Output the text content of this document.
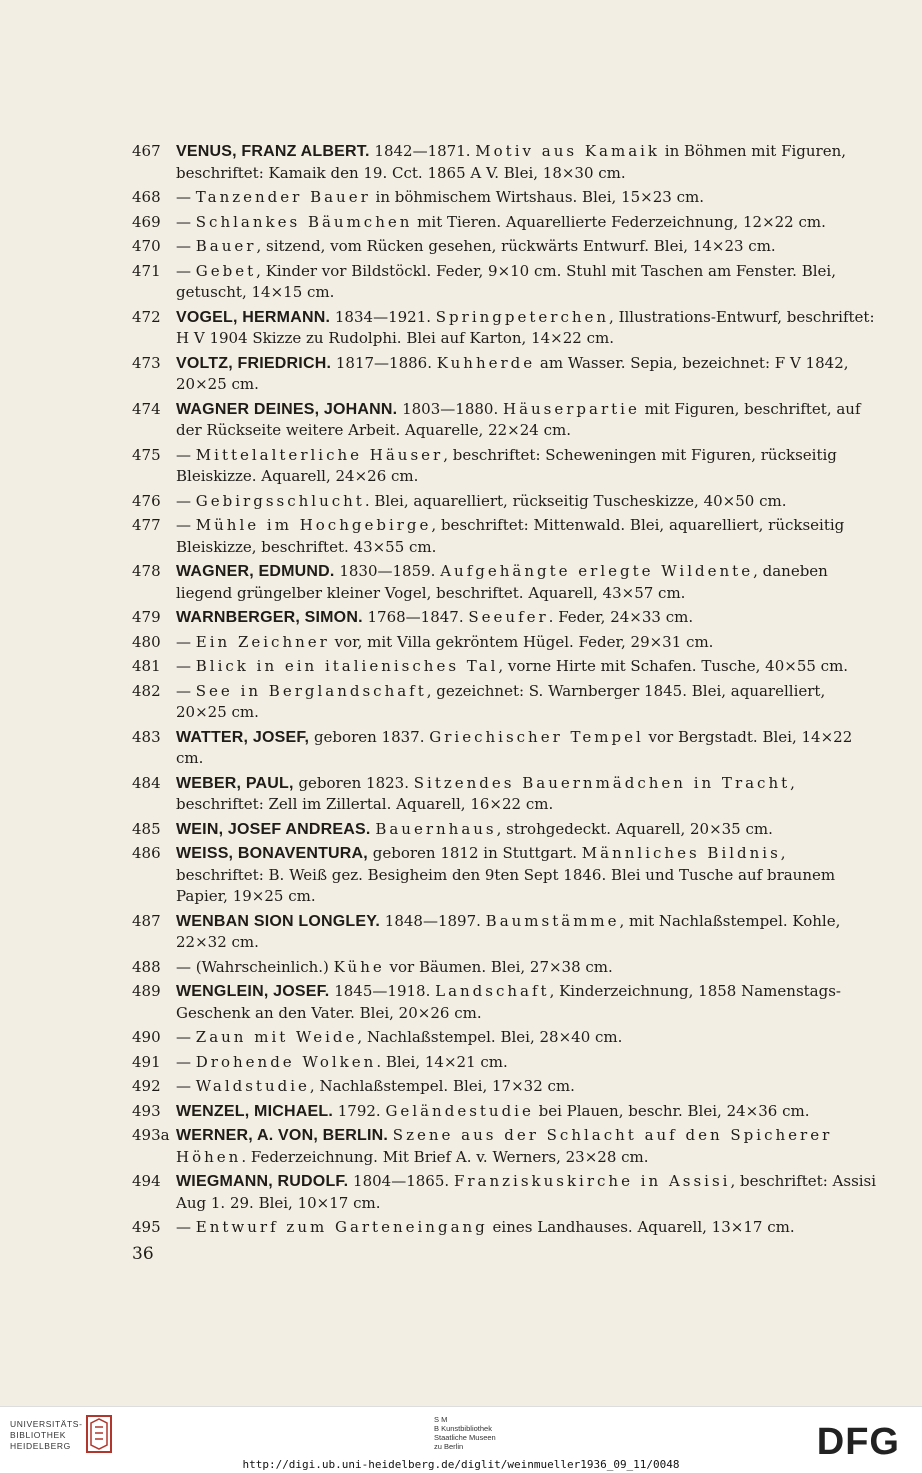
467 VENUS, FRANZ ALBERT. 1842—1871. Motiv aus Kamaik in Böhmen mit Figuren, beschriftet: Kamaik den 19. Cct. 1865 A V. Blei, 18×30 cm.
468 — Tanzender Bauer in böhmischem Wirtshaus. Blei, 15×23 cm.
469 — Schlankes Bäumchen mit Tieren. Aquarellierte Federzeichnung, 12×22 cm.
470 — Bauer, sitzend, vom Rücken gesehen, rückwärts Entwurf. Blei, 14×23 cm.
471 — Gebet, Kinder vor Bildstöckl. Feder, 9×10 cm. Stuhl mit Taschen am Fenster. Blei, getuscht, 14×15 cm.
472 VOGEL, HERMANN. 1834—1921. Springpeterchen, Illustrations-Entwurf, beschriftet: H V 1904 Skizze zu Rudolphi. Blei auf Karton, 14×22 cm.
473 VOLTZ, FRIEDRICH. 1817—1886. Kuhherde am Wasser. Sepia, bezeichnet: F V 1842, 20×25 cm.
474 WAGNER DEINES, JOHANN. 1803—1880. Häuserpartie mit Figuren, beschriftet, auf der Rückseite weitere Arbeit. Aquarelle, 22×24 cm.
475 — Mittelalterliche Häuser, beschriftet: Scheweningen mit Figuren, rückseitig Bleiskizze. Aquarell, 24×26 cm.
476 — Gebirgsschlucht. Blei, aquarelliert, rückseitig Tuscheskizze, 40×50 cm.
477 — Mühle im Hochgebirge, beschriftet: Mittenwald. Blei, aquarelliert, rückseitig Bleiskizze, beschriftet. 43×55 cm.
478 WAGNER, EDMUND. 1830—1859. Aufgehängte erlegte Wildente, daneben liegend grüngelber kleiner Vogel, beschriftet. Aquarell, 43×57 cm.
479 WARNBERGER, SIMON. 1768—1847. Seeufer. Feder, 24×33 cm.
480 — Ein Zeichner vor, mit Villa gekröntem Hügel. Feder, 29×31 cm.
481 — Blick in ein italienisches Tal, vorne Hirte mit Schafen. Tusche, 40×55 cm.
482 — See in Berglandschaft, gezeichnet: S. Warnberger 1845. Blei, aquarelliert, 20×25 cm.
483 WATTER, JOSEF, geboren 1837. Griechischer Tempel vor Bergstadt. Blei, 14×22 cm.
484 WEBER, PAUL, geboren 1823. Sitzendes Bauernmädchen in Tracht, beschriftet: Zell im Zillertal. Aquarell, 16×22 cm.
485 WEIN, JOSEF ANDREAS. Bauernhaus, strohgedeckt. Aquarell, 20×35 cm.
486 WEISS, BONAVENTURA, geboren 1812 in Stuttgart. Männliches Bildnis, beschriftet: B. Weiß gez. Besigheim den 9ten Sept 1846. Blei und Tusche auf braunem Papier, 19×25 cm.
487 WENBAN SION LONGLEY. 1848—1897. Baumstämme, mit Nachlaßstempel. Kohle, 22×32 cm.
488 — (Wahrscheinlich.) Kühe vor Bäumen. Blei, 27×38 cm.
489 WENGLEIN, JOSEF. 1845—1918. Landschaft, Kinderzeichnung, 1858 Namenstags-Geschenk an den Vater. Blei, 20×26 cm.
490 — Zaun mit Weide, Nachlaßstempel. Blei, 28×40 cm.
491 — Drohende Wolken. Blei, 14×21 cm.
492 — Waldstudie, Nachlaßstempel. Blei, 17×32 cm.
493 WENZEL, MICHAEL. 1792. Geländestudie bei Plauen, beschr. Blei, 24×36 cm.
493a WERNER, A. VON, BERLIN. Szene aus der Schlacht auf den Spicherer Höhen. Federzeichnung. Mit Brief A. v. Werners, 23×28 cm.
494 WIEGMANN, RUDOLF. 1804—1865. Franziskuskirche in Assisi, beschriftet: Assisi Aug 1. 29. Blei, 10×17 cm.
495 — Entwurf zum Garteneingang eines Landhauses. Aquarell, 13×17 cm.
36
UNIVERSITÄTS-
BIBLIOTHEK
HEIDELBERG
S M
B Kunstbibliothek
Staatliche Museen
zu Berlin	DFG
http://digi.ub.uni-heidelberg.de/diglit/weinmueller1936_09_11/0048
